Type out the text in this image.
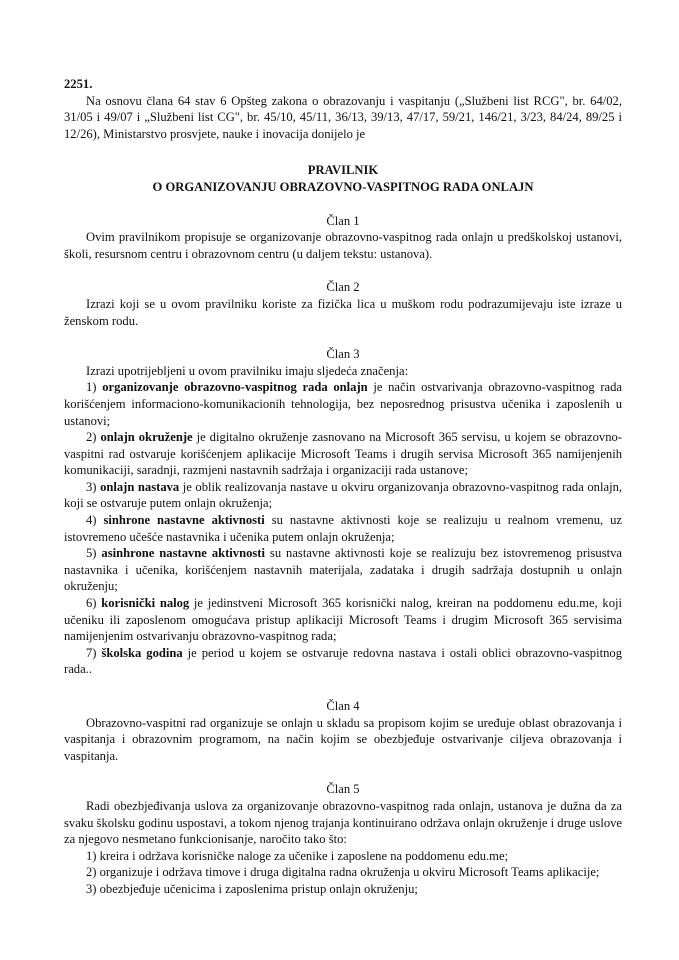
2251.

Na osnovu člana 64 stav 6 Opšteg zakona o obrazovanju i vaspitanju („Službeni list RCG", br. 64/02, 31/05 i 49/07 i „Službeni list CG", br. 45/10, 45/11, 36/13, 39/13, 47/17, 59/21, 146/21, 3/23, 84/24, 89/25 i 12/26), Ministarstvo prosvjete, nauke i inovacija donijelo je

PRAVILNIK

O ORGANIZOVANJU OBRAZOVNO-VASPITNOG RADA ONLAJN

Član 1

Ovim pravilnikom propisuje se organizovanje obrazovno-vaspitnog rada onlajn u predškolskoj ustanovi, školi, resursnom centru i obrazovnom centru (u daljem tekstu: ustanova).

Član 2

Izrazi koji se u ovom pravilniku koriste za fizička lica u muškom rodu podrazumijevaju iste izraze u ženskom rodu.

Član 3

Izrazi upotrijebljeni u ovom pravilniku imaju sljedeća značenja:

1) organizovanje obrazovno-vaspitnog rada onlajn je način ostvarivanja obrazovno-vaspitnog rada korišćenjem informaciono-komunikacionih tehnologija, bez neposrednog prisustva učenika i zaposlenih u ustanovi;

2) onlajn okruženje je digitalno okruženje zasnovano na Microsoft 365 servisu, u kojem se obrazovno-vaspitni rad ostvaruje korišćenjem aplikacije Microsoft Teams i drugih servisa Microsoft 365 namijenjenih komunikaciji, saradnji, razmjeni nastavnih sadržaja i organizaciji rada ustanove;

3) onlajn nastava je oblik realizovanja nastave u okviru organizovanja obrazovno-vaspitnog rada onlajn, koji se ostvaruje putem onlajn okruženja;

4) sinhrone nastavne aktivnosti su nastavne aktivnosti koje se realizuju u realnom vremenu, uz istovremeno učešće nastavnika i učenika putem onlajn okruženja;

5) asinhrone nastavne aktivnosti su nastavne aktivnosti koje se realizuju bez istovremenog prisustva nastavnika i učenika, korišćenjem nastavnih materijala, zadataka i drugih sadržaja dostupnih u onlajn okruženju;

6) korisnički nalog je jedinstveni Microsoft 365 korisnički nalog, kreiran na poddomenu edu.me, koji učeniku ili zaposlenom omogućava pristup aplikaciji Microsoft Teams i drugim Microsoft 365 servisima namijenjenim ostvarivanju obrazovno-vaspitnog rada;

7) školska godina je period u kojem se ostvaruje redovna nastava i ostali oblici obrazovno-vaspitnog rada..

Član 4

Obrazovno-vaspitni rad organizuje se onlajn u skladu sa propisom kojim se uređuje oblast obrazovanja i vaspitanja i obrazovnim programom, na način kojim se obezbjeđuje ostvarivanje ciljeva obrazovanja i vaspitanja.

Član 5

Radi obezbjeđivanja uslova za organizovanje obrazovno-vaspitnog rada onlajn, ustanova je dužna da za svaku školsku godinu uspostavi, a tokom njenog trajanja kontinuirano održava onlajn okruženje i druge uslove za njegovo nesmetano funkcionisanje, naročito tako što:

1) kreira i održava korisničke naloge za učenike i zaposlene na poddomenu edu.me;

2) organizuje i održava timove i druga digitalna radna okruženja u okviru Microsoft Teams aplikacije;

3) obezbjeđuje učenicima i zaposlenima pristup onlajn okruženju;
